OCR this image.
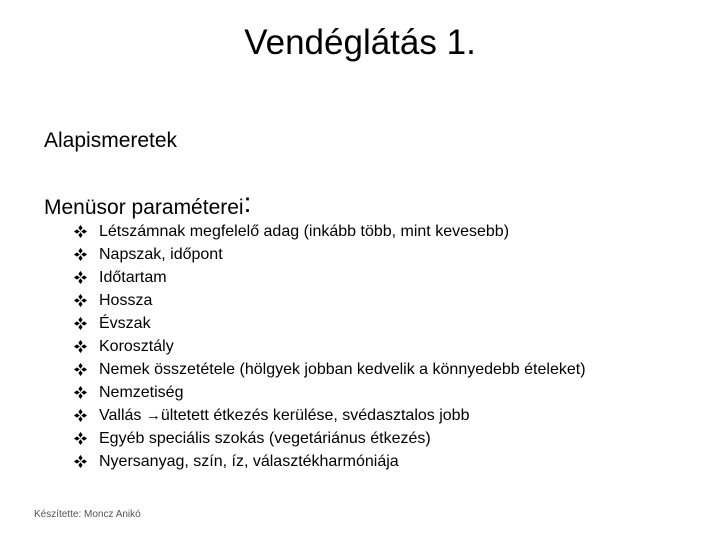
Vendéglátás 1.
Alapismeretek
Menüsor paraméterei:
Létszámnak megfelelő adag (inkább több, mint kevesebb)
Napszak, időpont
Időtartam
Hossza
Évszak
Korosztály
Nemek összetétele (hölgyek jobban kedvelik a könnyedebb ételeket)
Nemzetiség
Vallás → ültetett étkezés kerülése, svédasztalos jobb
Egyéb speciális szokás (vegetáriánus étkezés)
Nyersanyag, szín, íz, választékharmóniája
Készítette: Moncz Anikó
